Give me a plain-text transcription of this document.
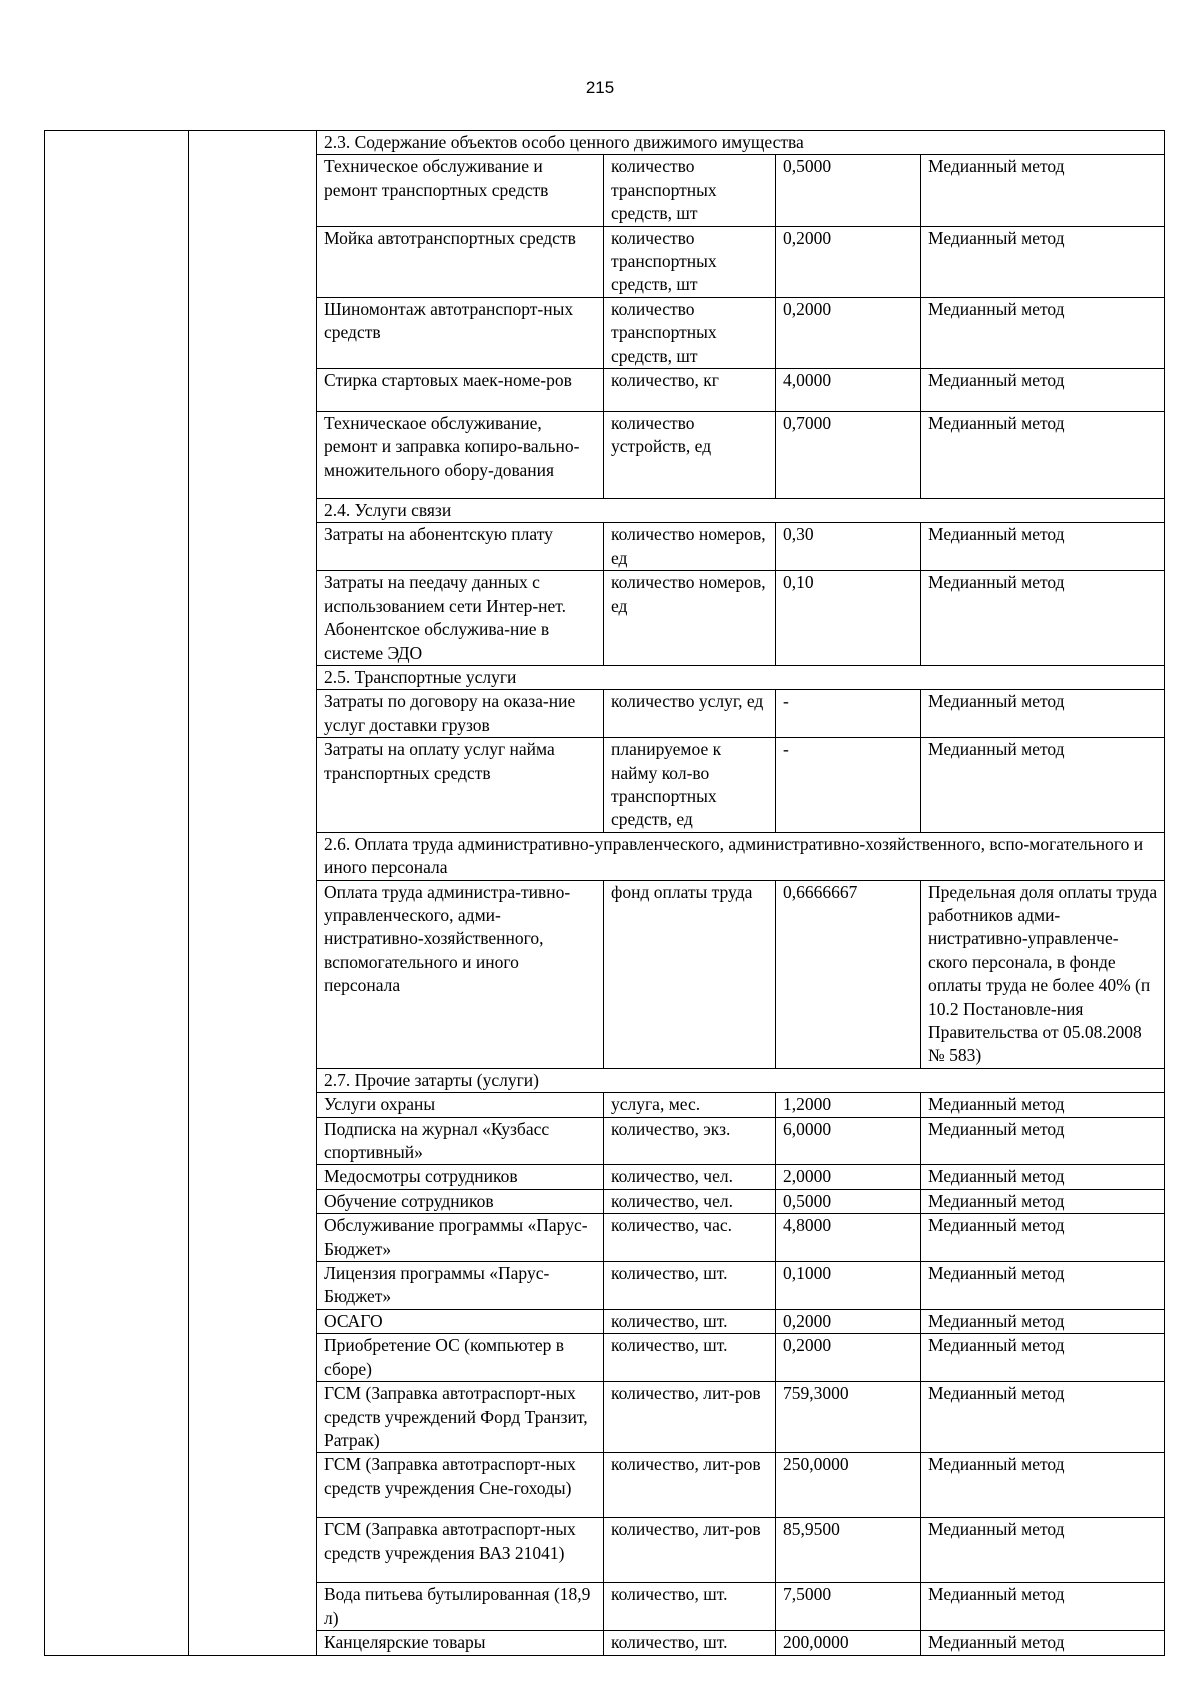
215
		2.3. Содержание объектов особо ценного движимого имущества			
		Техническое обслуживание и ремонт транспортных средств	количество транспортных средств, шт	0,5000	Медианный метод
		Мойка автотранспортных средств	количество транспортных средств, шт	0,2000	Медианный метод
		Шиномонтаж автотранспорт-ных средств	количество транспортных средств, шт	0,2000	Медианный метод
		Стирка стартовых маек-номе-ров	количество, кг	4,0000	Медианный метод
		Техническаое обслуживание, ремонт и заправка копиро-вально-множительного обору-дования	количество устройств, ед	0,7000	Медианный метод
		2.4. Услуги связи			
		Затраты на абонентскую плату	количество номеров, ед	0,30	Медианный метод
		Затраты на пеедачу данных с использованием сети Интер-нет. Абонентское обслужива-ние в системе ЭДО	количество номеров, ед	0,10	Медианный метод
		2.5. Транспортные услуги			
		Затраты по договору на оказа-ние услуг доставки грузов	количество услуг, ед	-	Медианный метод
		Затраты на оплату услуг найма транспортных средств	планируемое к найму кол-во транспортных средств, ед	-	Медианный метод
		2.6. Оплата труда административно-управленческого, административно-хозяйственного, вспо-могательного и иного персонала			
		Оплата труда администра-тивно-управленческого, адми-нистративно-хозяйственного, вспомогательного и иного персонала	фонд оплаты труда	0,6666667	Предельная доля оплаты труда работников адми-нистративно-управленче-ского персонала, в фонде оплаты труда не более 40% (п 10.2 Постановле-ния Правительства от 05.08.2008 № 583)
		2.7. Прочие затарты (услуги)			
		Услуги охраны	услуга, мес.	1,2000	Медианный метод
		Подписка на журнал «Кузбасс спортивный»	количество, экз.	6,0000	Медианный метод
		Медосмотры сотрудников	количество, чел.	2,0000	Медианный метод
		Обучение сотрудников	количество, чел.	0,5000	Медианный метод
		Обслуживание программы «Парус-Бюджет»	количество, час.	4,8000	Медианный метод
		Лицензия программы «Парус-Бюджет»	количество, шт.	0,1000	Медианный метод
		ОСАГО	количество, шт.	0,2000	Медианный метод
		Приобретение ОС (компьютер в сборе)	количество, шт.	0,2000	Медианный метод
		ГСМ (Заправка автотраспорт-ных средств учреждений Форд Транзит, Ратрак)	количество, лит-ров	759,3000	Медианный метод
		ГСМ (Заправка автотраспорт-ных средств учреждения Сне-гоходы)	количество, лит-ров	250,0000	Медианный метод
		ГСМ (Заправка автотраспорт-ных средств учреждения ВАЗ 21041)	количество, лит-ров	85,9500	Медианный метод
		Вода питьева бутылированная (18,9 л)	количество, шт.	7,5000	Медианный метод
		Канцелярские товары	количество, шт.	200,0000	Медианный метод
